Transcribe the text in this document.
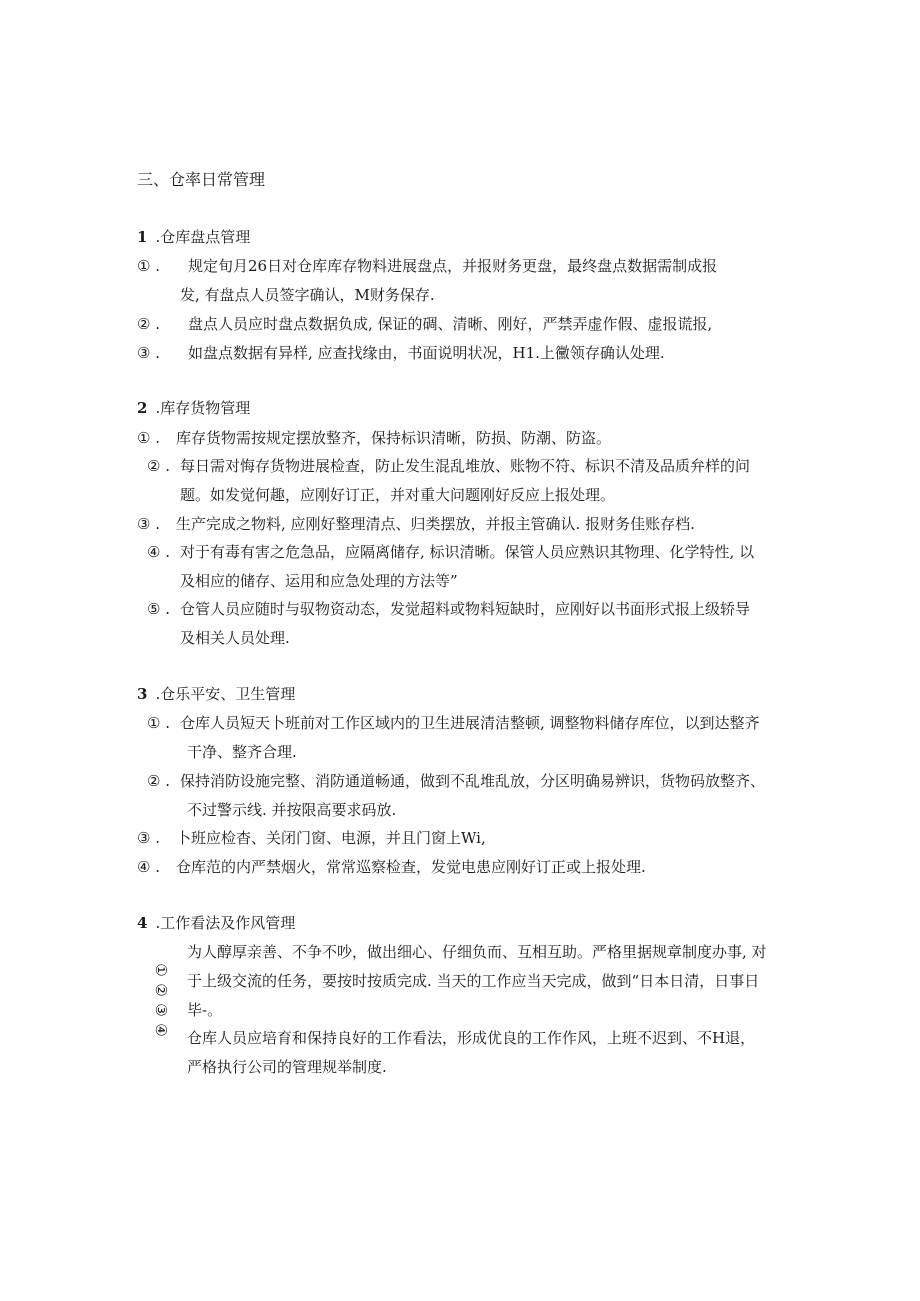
三、仓率日常管理
1 .仓库盘点管理
① . 规定旬月26日对仓库库存物料进展盘点，并报财务更盘，最终盘点数据需制成报
发, 有盘点人员签字确认，M财务保存.
② . 盘点人员应时盘点数据负成, 保证的碉、清晰、刚好，严禁弄虚作假、虚报谎报,
③ . 如盘点数据有异样, 应查找缘由，书面说明状况，H1.上黴领存确认处理.
2 .库存货物管理
① . 库存货物需按规定摆放整齐，保持标识清晰，防损、防潮、防盗。
② . 每日需对悔存货物进展检查，防止发生混乱堆放、账物不符、标识不清及品质弁样的问
题。如发觉何趣，应刚好订正，并对重大问题刚好反应上报处理。
③ . 生产完成之物料, 应刚好整理清点、归类摆放，并报主管确认. 报财务佳账存档.
④ . 对于有毒有害之危急品，应隔离储存, 标识清晰。保管人员应熟识其物理、化学特性, 以
及相应的储存、运用和应急处理的方法等”
⑤ . 仓管人员应随时与驭物资动态，发觉超料或物料短缺时，应刚好以书面形式报上级轿导
及相关人员处理.
3 .仓乐平安、卫生管理
① . 仓库人员短天卜班前对工作区域内的卫生进展清洁整顿, 调整物料储存库位，以到达整齐
干净、整齐合理.
② . 保持消防设施完整、消防通道畅通，做到不乱堆乱放，分区明确易辨识，货物码放整齐、
不过警示线. 并按限高要求码放.
③ . 卜班应检杳、关闭门窗、电源，并且门窗上Wi,
④ . 仓库范的内严禁烟火，常常巡察检查，发觉电患应刚好订正或上报处理.
4 .工作看法及作风管理
①
②
③
④
为人醇厚亲善、不争不吵，做出细心、仔细负而、互相互助。严格里据规章制度办事, 对
于上级交流的任务，要按时按质完成. 当天的工作应当天完成，做到“日本日清，日事日
毕-。
仓库人员应培育和保持良好的工作看法，形成优良的工作作风，上班不迟到、不H退，
严格执行公司的管理规举制度.
